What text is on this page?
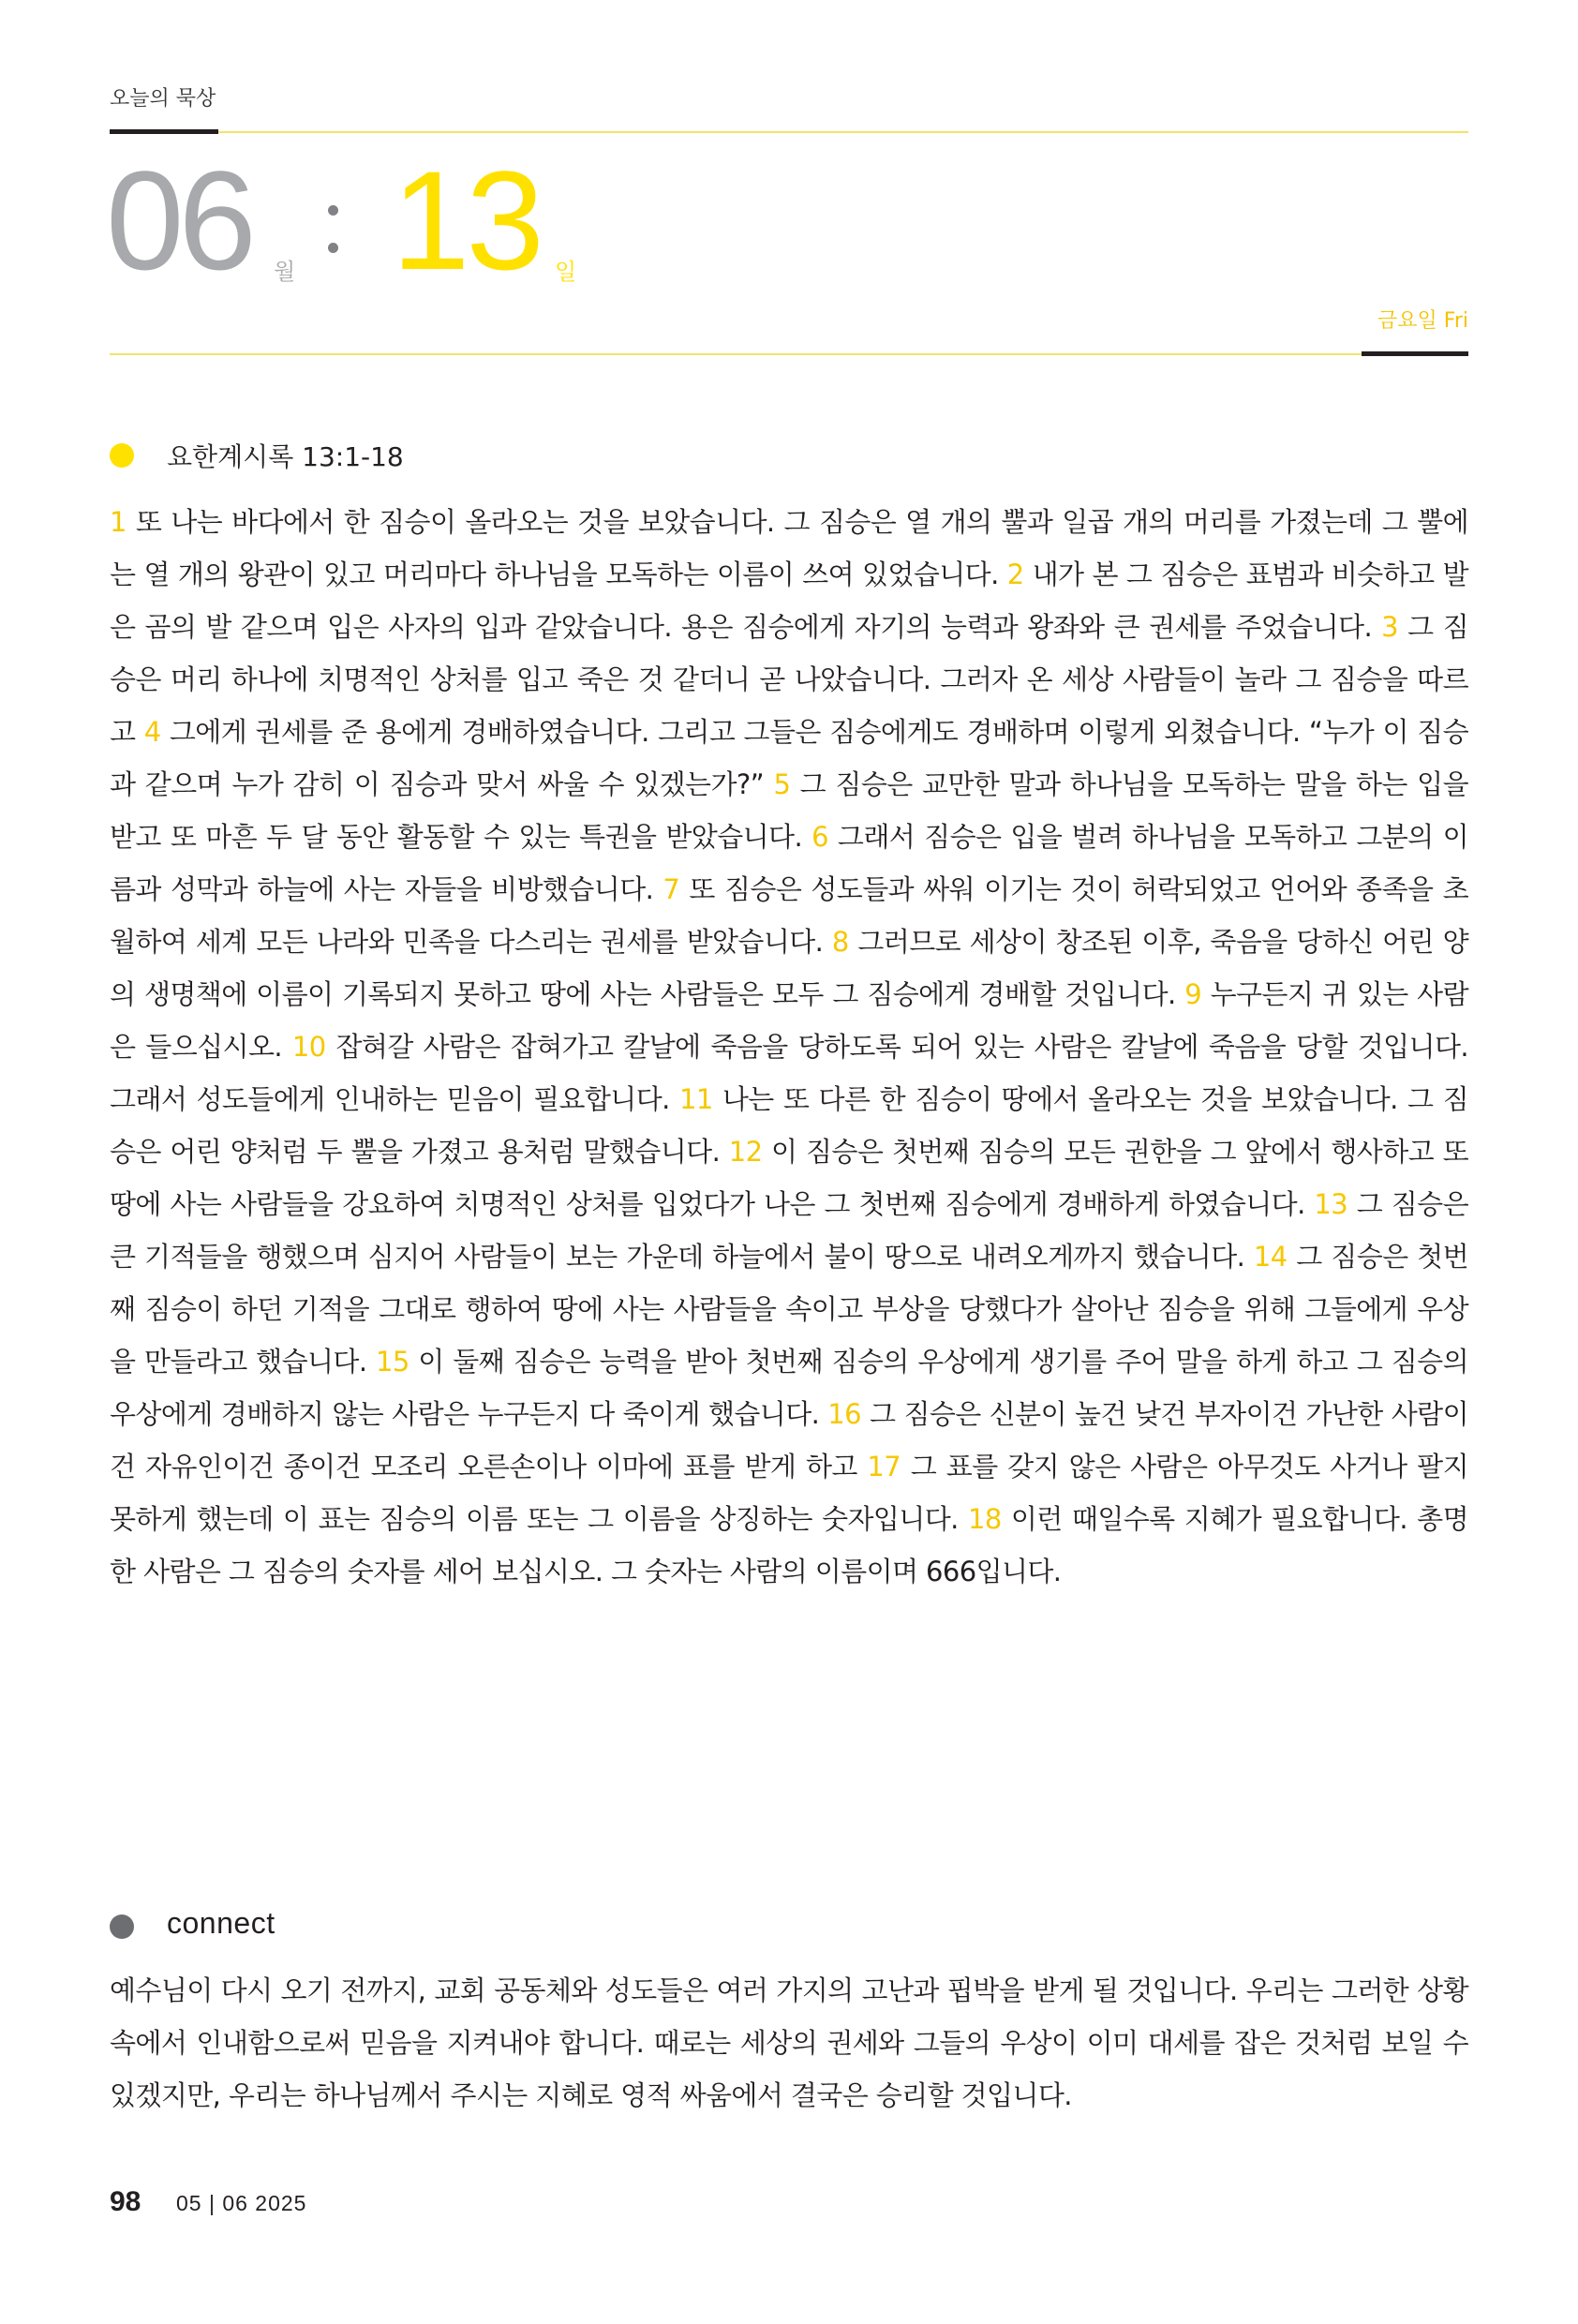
오늘의 묵상
06 월 13 일
금요일 Fri
요한계시록 13:1-18
1 또 나는 바다에서 한 짐승이 올라오는 것을 보았습니다. 그 짐승은 열 개의 뿔과 일곱 개의 머리를 가졌는데 그 뿔에는 열 개의 왕관이 있고 머리마다 하나님을 모독하는 이름이 쓰여 있었습니다. 2 내가 본 그 짐승은 표범과 비슷하고 발은 곰의 발 같으며 입은 사자의 입과 같았습니다. 용은 짐승에게 자기의 능력과 왕좌와 큰 권세를 주었습니다. 3 그 짐승은 머리 하나에 치명적인 상처를 입고 죽은 것 같더니 곧 나았습니다. 그러자 온 세상 사람들이 놀라 그 짐승을 따르고 4 그에게 권세를 준 용에게 경배하였습니다. 그리고 그들은 짐승에게도 경배하며 이렇게 외쳤습니다. “누가 이 짐승과 같으며 누가 감히 이 짐승과 맞서 싸울 수 있겠는가?” 5 그 짐승은 교만한 말과 하나님을 모독하는 말을 하는 입을 받고 또 마흔 두 달 동안 활동할 수 있는 특권을 받았습니다. 6 그래서 짐승은 입을 벌려 하나님을 모독하고 그분의 이름과 성막과 하늘에 사는 자들을 비방했습니다. 7 또 짐승은 성도들과 싸워 이기는 것이 허락되었고 언어와 종족을 초월하여 세계 모든 나라와 민족을 다스리는 권세를 받았습니다. 8 그러므로 세상이 창조된 이후, 죽음을 당하신 어린 양의 생명책에 이름이 기록되지 못하고 땅에 사는 사람들은 모두 그 짐승에게 경배할 것입니다. 9 누구든지 귀 있는 사람은 들으십시오. 10 잡혀갈 사람은 잡혀가고 칼날에 죽음을 당하도록 되어 있는 사람은 칼날에 죽음을 당할 것입니다. 그래서 성도들에게 인내하는 믿음이 필요합니다. 11 나는 또 다른 한 짐승이 땅에서 올라오는 것을 보았습니다. 그 짐승은 어린 양처럼 두 뿔을 가졌고 용처럼 말했습니다. 12 이 짐승은 첫번째 짐승의 모든 권한을 그 앞에서 행사하고 또 땅에 사는 사람들을 강요하여 치명적인 상처를 입었다가 나은 그 첫번째 짐승에게 경배하게 하였습니다. 13 그 짐승은 큰 기적들을 행했으며 심지어 사람들이 보는 가운데 하늘에서 불이 땅으로 내려오게까지 했습니다. 14 그 짐승은 첫번째 짐승이 하던 기적을 그대로 행하여 땅에 사는 사람들을 속이고 부상을 당했다가 살아난 짐승을 위해 그들에게 우상을 만들라고 했습니다. 15 이 둘째 짐승은 능력을 받아 첫번째 짐승의 우상에게 생기를 주어 말을 하게 하고 그 짐승의 우상에게 경배하지 않는 사람은 누구든지 다 죽이게 했습니다. 16 그 짐승은 신분이 높건 낮건 부자이건 가난한 사람이건 자유인이건 종이건 모조리 오른손이나 이마에 표를 받게 하고 17 그 표를 갖지 않은 사람은 아무것도 사거나 팔지 못하게 했는데 이 표는 짐승의 이름 또는 그 이름을 상징하는 숫자입니다. 18 이런 때일수록 지혜가 필요합니다. 총명한 사람은 그 짐승의 숫자를 세어 보십시오. 그 숫자는 사람의 이름이며 666입니다.
connect
예수님이 다시 오기 전까지, 교회 공동체와 성도들은 여러 가지의 고난과 핍박을 받게 될 것입니다. 우리는 그러한 상황 속에서 인내함으로써 믿음을 지켜내야 합니다. 때로는 세상의 권세와 그들의 우상이 이미 대세를 잡은 것처럼 보일 수 있겠지만, 우리는 하나님께서 주시는 지혜로 영적 싸움에서 결국은 승리할 것입니다.
98 05 | 06 2025
